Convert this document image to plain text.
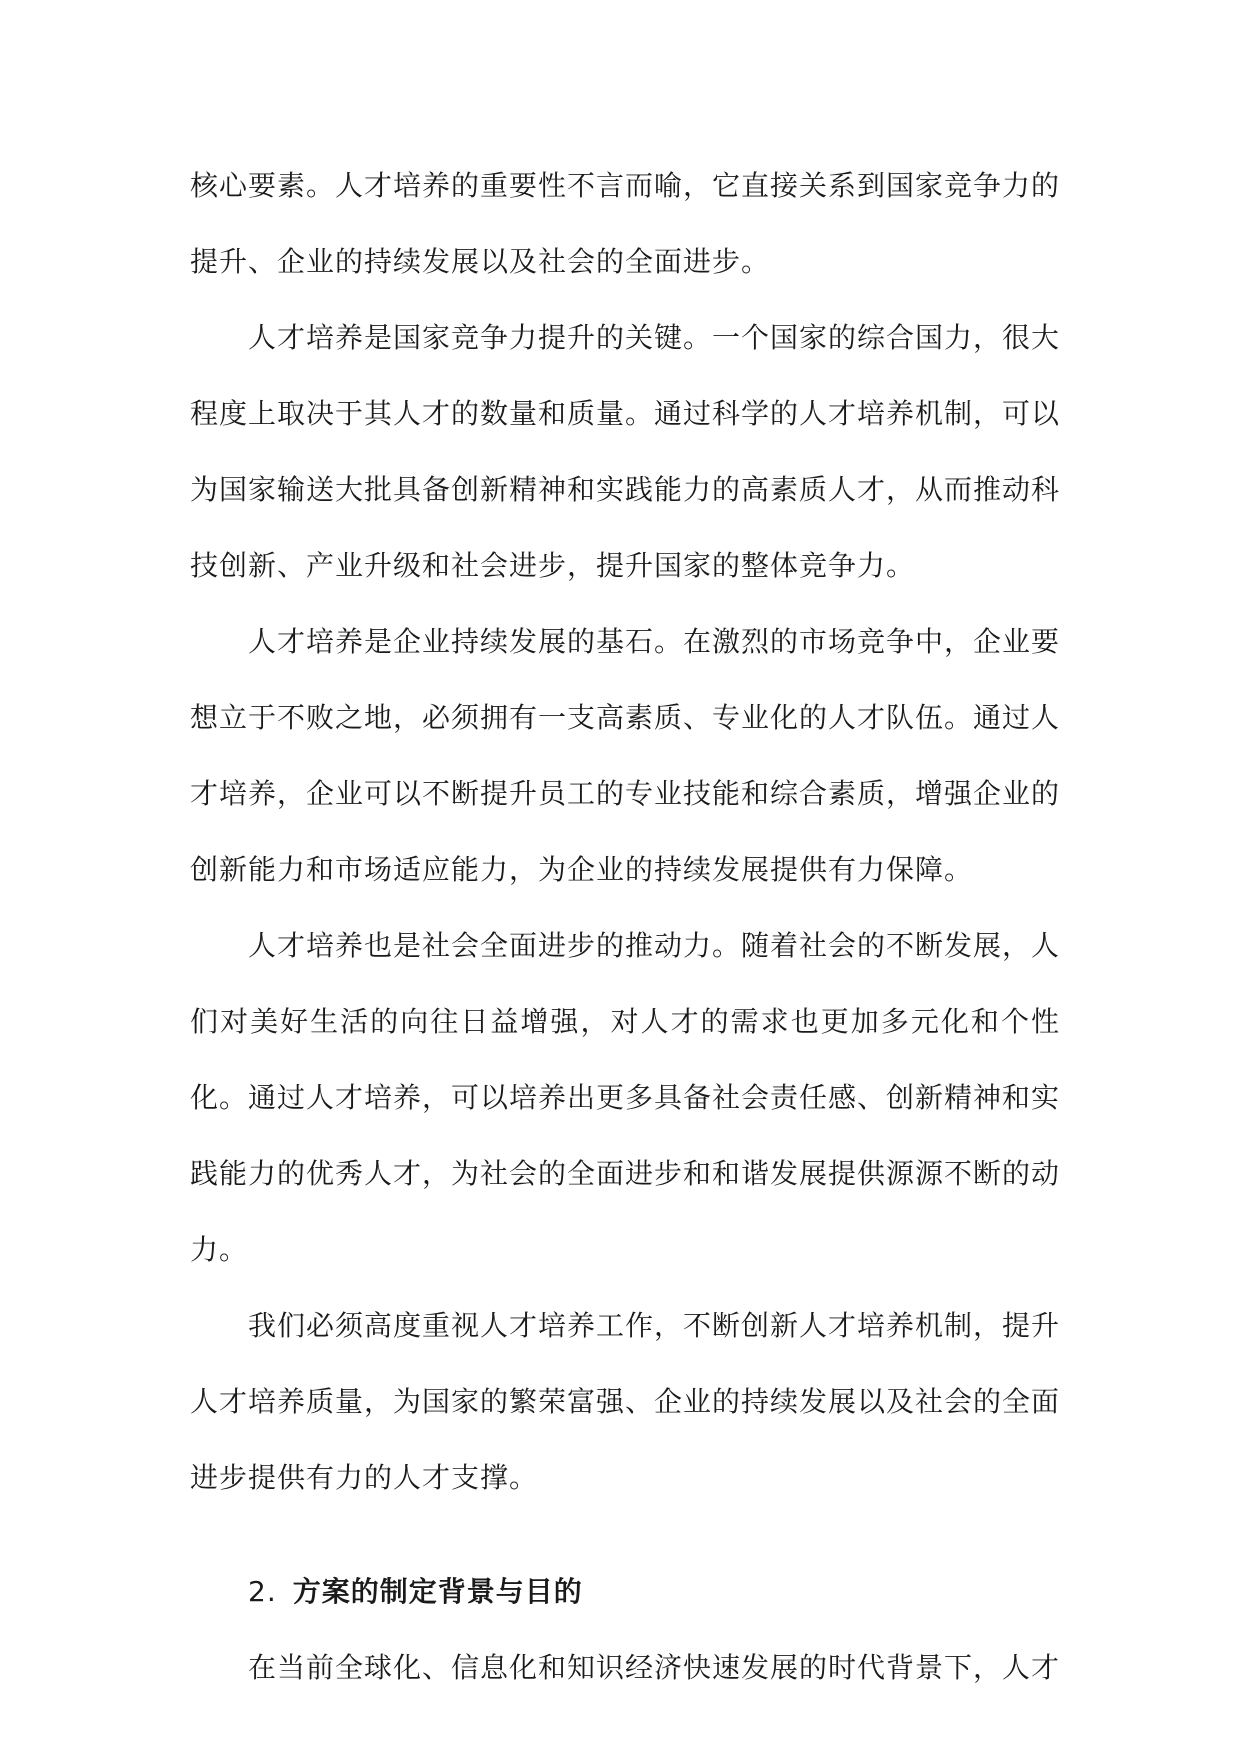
核心要素。人才培养的重要性不言而喻，它直接关系到国家竞争力的提升、企业的持续发展以及社会的全面进步。

人才培养是国家竞争力提升的关键。一个国家的综合国力，很大程度上取决于其人才的数量和质量。通过科学的人才培养机制，可以为国家输送大批具备创新精神和实践能力的高素质人才，从而推动科技创新、产业升级和社会进步，提升国家的整体竞争力。

人才培养是企业持续发展的基石。在激烈的市场竞争中，企业要想立于不败之地，必须拥有一支高素质、专业化的人才队伍。通过人才培养，企业可以不断提升员工的专业技能和综合素质，增强企业的创新能力和市场适应能力，为企业的持续发展提供有力保障。

人才培养也是社会全面进步的推动力。随着社会的不断发展，人们对美好生活的向往日益增强，对人才的需求也更加多元化和个性化。通过人才培养，可以培养出更多具备社会责任感、创新精神和实践能力的优秀人才，为社会的全面进步和和谐发展提供源源不断的动力。

我们必须高度重视人才培养工作，不断创新人才培养机制，提升人才培养质量，为国家的繁荣富强、企业的持续发展以及社会的全面进步提供有力的人才支撑。

2. 方案的制定背景与目的

在当前全球化、信息化和知识经济快速发展的时代背景下，人才
